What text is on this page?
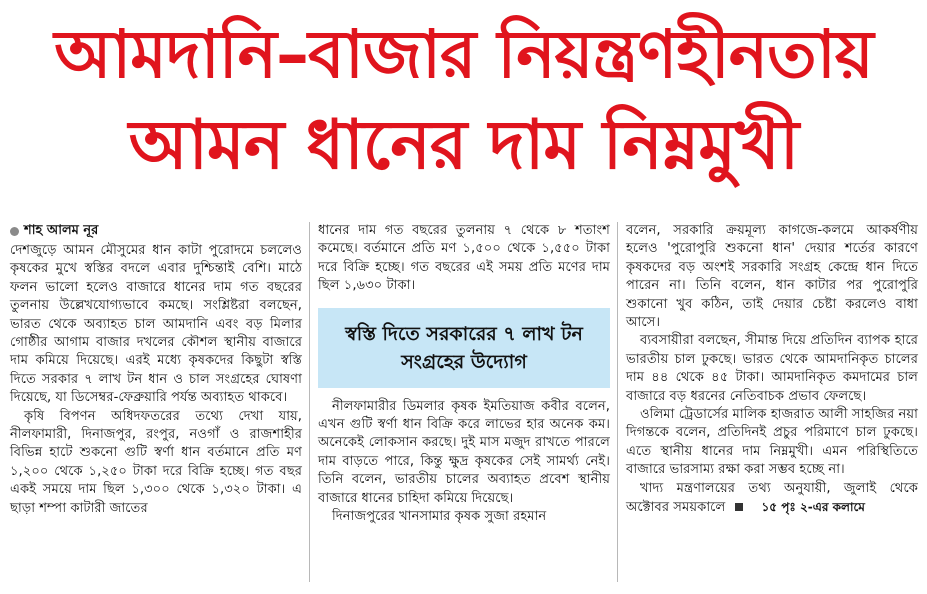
আমদানি–বাজার নিয়ন্ত্রণহীনতায়
আমন ধানের দাম নিম্নমুখী
শাহ আলম নূর

দেশজুড়ে আমন মৌসুমের ধান কাটা পুরোদমে চললেও কৃষকের মুখে স্বস্তির বদলে এবার দুশ্চিন্তাই বেশি। মাঠে ফলন ভালো হলেও বাজারে ধানের দাম গত বছরের তুলনায় উল্লেখযোগ্যভাবে কমছে। সংশ্লিষ্টরা বলছেন, ভারত থেকে অব্যাহত চাল আমদানি এবং বড় মিলার গোষ্ঠীর আগাম বাজার দখলের কৌশল স্থানীয় বাজারে দাম কমিয়ে দিয়েছে। এরই মধ্যে কৃষকদের কিছুটা স্বস্তি দিতে সরকার ৭ লাখ টন ধান ও চাল সংগ্রহের ঘোষণা দিয়েছে, যা ডিসেম্বর-ফেব্রুয়ারি পর্যন্ত অব্যাহত থাকবে।

কৃষি বিপণন অধিদফতরের তথ্যে দেখা যায়, নীলফামারী, দিনাজপুর, রংপুর, নওগাঁ ও রাজশাহীর বিভিন্ন হাটে শুকনো গুটি স্বর্ণা ধান বর্তমানে প্রতি মণ ১,২০০ থেকে ১,২৫০ টাকা দরে বিক্রি হচ্ছে। গত বছর একই সময়ে দাম ছিল ১,৩০০ থেকে ১,৩২০ টাকা। এ ছাড়া শম্পা কাটারী জাতের

ধানের দাম গত বছরের তুলনায় ৭ থেকে ৮ শতাংশ কমেছে। বর্তমানে প্রতি মণ ১,৫০০ থেকে ১,৫৫০ টাকা দরে বিক্রি হচ্ছে। গত বছরের এই সময় প্রতি মণের দাম ছিল ১,৬৩০ টাকা।

স্বস্তি দিতে সরকারের ৭ লাখ টন সংগ্রহের উদ্যোগ

নীলফামারীর ডিমলার কৃষক ইমতিয়াজ কবীর বলেন, এখন গুটি স্বর্ণা ধান বিক্রি করে লাভের হার অনেক কম। অনেকেই লোকসান করছে। দুই মাস মজুদ রাখতে পারলে দাম বাড়তে পারে, কিন্তু ক্ষুদ্র কৃষকের সেই সামর্থ্য নেই। তিনি বলেন, ভারতীয় চালের অব্যাহত প্রবেশ স্থানীয় বাজারে ধানের চাহিদা কমিয়ে দিয়েছে।

দিনাজপুরের খানসামার কৃষক সুজা রহমান

বলেন, সরকারি ক্রয়মূল্য কাগজে-কলমে আকর্ষণীয় হলেও 'পুরোপুরি শুকনো ধান' দেয়ার শর্তের কারণে কৃষকদের বড় অংশই সরকারি সংগ্রহ কেন্দ্রে ধান দিতে পারেন না। তিনি বলেন, ধান কাটার পর পুরোপুরি শুকানো খুব কঠিন, তাই দেয়ার চেষ্টা করলেও বাধা আসে।

ব্যবসায়ীরা বলছেন, সীমান্ত দিয়ে প্রতিদিন ব্যাপক হারে ভারতীয় চাল ঢুকছে। ভারত থেকে আমদানিকৃত চালের দাম ৪৪ থেকে ৪৫ টাকা। আমদানিকৃত কমদামের চাল বাজারে বড় ধরনের নেতিবাচক প্রভাব ফেলছে।

ওলিমা ট্রেডার্সের মালিক হাজরাত আলী সাহজির নয়া দিগন্তকে বলেন, প্রতিদিনই প্রচুর পরিমাণে চাল ঢুকছে। এতে স্থানীয় ধানের দাম নিম্নমুখী। এমন পরিস্থিতিতে বাজারে ভারসাম্য রক্ষা করা সম্ভব হচ্ছে না।

খাদ্য মন্ত্রণালয়ের তথ্য অনুযায়ী, জুলাই থেকে অক্টোবর সময়কালে	১৫ পৃঃ ২-এর কলামে
